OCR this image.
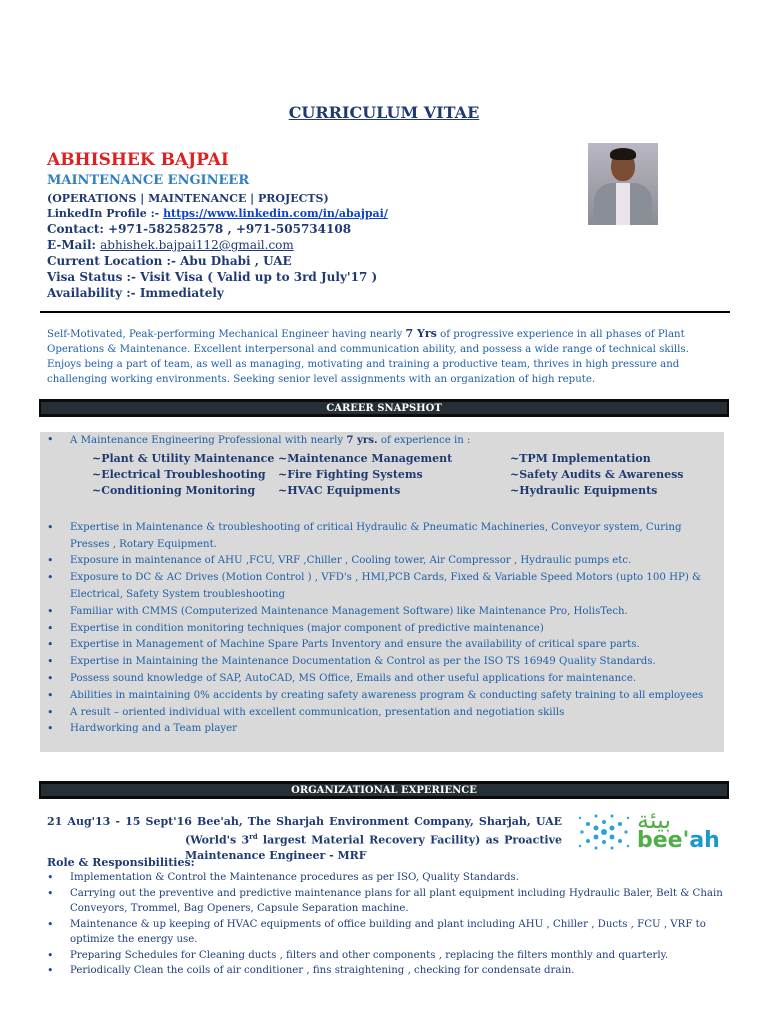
CURRICULUM VITAE
ABHISHEK BAJPAI
MAINTENANCE ENGINEER
(OPERATIONS | MAINTENANCE | PROJECTS)
LinkedIn Profile :- https://www.linkedin.com/in/abajpai/
Contact: +971-582582578 , +971-505734108
E-Mail: abhishek.bajpai112@gmail.com
Current Location :- Abu Dhabi , UAE
Visa Status :- Visit Visa ( Valid up to 3rd July'17 )
Availability :- Immediately
Self-Motivated, Peak-performing Mechanical Engineer having nearly 7 Yrs of progressive experience in all phases of Plant Operations & Maintenance. Excellent interpersonal and communication ability, and possess a wide range of technical skills. Enjoys being a part of team, as well as managing, motivating and training a productive team, thrives in high pressure and challenging working environments. Seeking senior level assignments with an organization of high repute.
CAREER SNAPSHOT
• A Maintenance Engineering Professional with nearly 7 yrs. of experience in :
~Plant & Utility Maintenance ~Maintenance Management	~TPM Implementation
~Electrical Troubleshooting ~Fire Fighting Systems	~Safety Audits & Awareness
~Conditioning Monitoring ~HVAC Equipments	~Hydraulic Equipments
• Expertise in Maintenance & troubleshooting of critical Hydraulic & Pneumatic Machineries, Conveyor system, Curing Presses , Rotary Equipment.
• Exposure in maintenance of AHU ,FCU, VRF ,Chiller , Cooling tower, Air Compressor , Hydraulic pumps etc.
• Exposure to DC & AC Drives (Motion Control ) , VFD's , HMI,PCB Cards, Fixed & Variable Speed Motors (upto 100 HP) & Electrical, Safety System troubleshooting
• Familiar with CMMS (Computerized Maintenance Management Software) like Maintenance Pro, HolisTech.
• Expertise in condition monitoring techniques (major component of predictive maintenance)
• Expertise in Management of Machine Spare Parts Inventory and ensure the availability of critical spare parts.
• Expertise in Maintaining the Maintenance Documentation & Control as per the ISO TS 16949 Quality Standards.
• Possess sound knowledge of SAP, AutoCAD, MS Office, Emails and other useful applications for maintenance.
• Abilities in maintaining 0% accidents by creating safety awareness program & conducting safety training to all employees
• A result – oriented individual with excellent communication, presentation and negotiation skills
• Hardworking and a Team player
ORGANIZATIONAL EXPERIENCE
21 Aug'13 - 15 Sept'16 Bee'ah, The Sharjah Environment Company, Sharjah, UAE
(World's 3rd largest Material Recovery Facility) as Proactive
Maintenance Engineer - MRF
بيئة
bee'ah
Role & Responsibilities:
• Implementation & Control the Maintenance procedures as per ISO, Quality Standards.
• Carrying out the preventive and predictive maintenance plans for all plant equipment including Hydraulic Baler, Belt & Chain Conveyors, Trommel, Bag Openers, Capsule Separation machine.
• Maintenance & up keeping of HVAC equipments of office building and plant including AHU , Chiller , Ducts , FCU , VRF to optimize the energy use.
• Preparing Schedules for Cleaning ducts , filters and other components , replacing the filters monthly and quarterly.
• Periodically Clean the coils of air conditioner , fins straightening , checking for condensate drain.
